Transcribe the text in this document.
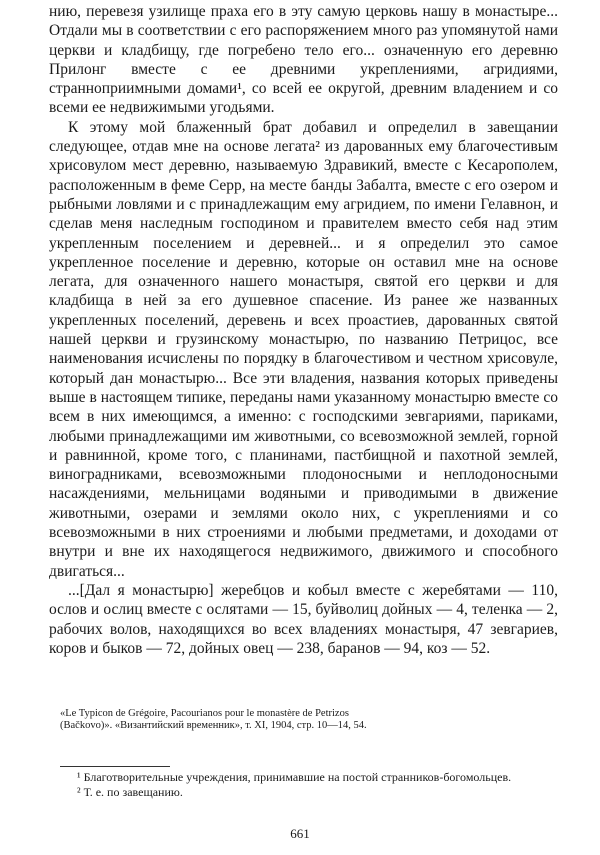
нию, перевезя узилище праха его в эту самую церковь нашу в монастыре... Отдали мы в соответствии с его распоряжением много раз упомянутой нами церкви и кладбищу, где погребено тело его... означенную его деревню Прилонг вместе с ее древними укреплениями, агридиями, странноприимными домами¹, со всей ее округой, древним владением и со всеми ее недвижимыми угодьями.

К этому мой блаженный брат добавил и определил в завещании следующее, отдав мне на основе легата² из дарованных ему благочестивым хрисовулом мест деревню, называемую Здравикий, вместе с Кесарополем, расположенным в феме Серр, на месте банды Забалта, вместе с его озером и рыбными ловлями и с принадлежащим ему агридием, по имени Гелавнон, и сделав меня наследным господином и правителем вместо себя над этим укрепленным поселением и деревней... и я определил это самое укрепленное поселение и деревню, которые он оставил мне на основе легата, для означенного нашего монастыря, святой его церкви и для кладбища в ней за его душевное спасение. Из ранее же названных укрепленных поселений, деревень и всех проастиев, дарованных святой нашей церкви и грузинскому монастырю, по названию Петрицос, все наименования исчислены по порядку в благочестивом и честном хрисовуле, который дан монастырю... Все эти владения, названия которых приведены выше в настоящем типике, переданы нами указанному монастырю вместе со всем в них имеющимся, а именно: с господскими зевгариями, париками, любыми принадлежащими им животными, со всевозможной землей, горной и равнинной, кроме того, с планинами, пастбищной и пахотной землей, виноградниками, всевозможными плодоносными и неплодоносными насаждениями, мельницами водяными и приводимыми в движение животными, озерами и землями около них, с укреплениями и со всевозможными в них строениями и любыми предметами, и доходами от внутри и вне их находящегося недвижимого, движимого и способного двигаться...

...[Дал я монастырю] жеребцов и кобыл вместе с жеребятами — 110, ослов и ослиц вместе с ослятами — 15, буйволиц дойных — 4, теленка — 2, рабочих волов, находящихся во всех владениях монастыря, 47 зевгариев, коров и быков — 72, дойных овец — 238, баранов — 94, коз — 52.

«Le Typicon de Grégoire, Pacourianos pour le monastère de Petrizos (Bačkovo)». «Византийский временник», т. XI, 1904, стр. 10—14, 54.

¹ Благотворительные учреждения, принимавшие на постой странников-богомольцев.

² Т. е. по завещанию.

661
